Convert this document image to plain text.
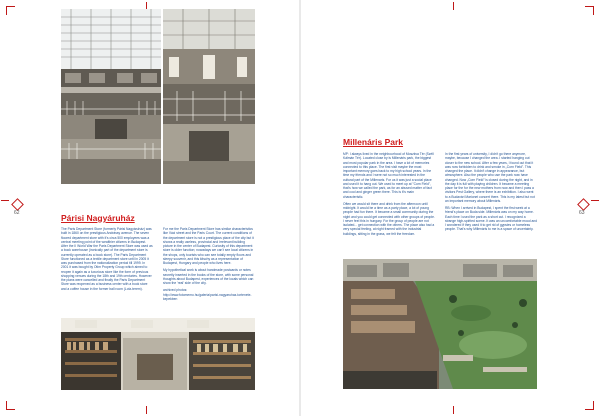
62	63
Párisi Nagyáruház

The Paris Department Store (formerly Párisi Nagyáruház) was built in 1860 on the prestigious Andrássy avenue. The seven floored department store with it's circa 500 employees was a central meeting point of the wealthier citizens in Budapest. After the II World War the Paris Department Store was used as a book warehouse (ironically part of the department store is currently operated as a book store). The Paris Department Store functioned as a textile department store until in 2005 it was purchased from the nationalization period till 1999. In 2001 it was bought by Otim Property Group which aimed to reopen it again as a luxurious store like the form of previous shopping venues during the 18th and 19th centuries. However the plans were cancelled and finally the Paris Department Store was reopened as a business center with a book store and a coffee house in the former ball room (Lotz-terem).

For me the Paris Department Store has similar characteristics like Váci street and the Paris Court. The current conditions of the department store is not a prestigious place of the city but it shows a really useless, provincial and irrelevant building picture in the center of Budapest. Curiosity of this department store is older function; nowadays we can't see local citizens in the shops, only tourists who can see totally empty floors and sleepy souvenir, and this kitschy as a representation of Budapest, Hungary and people who lives here.

My hypothetical work is about handmade postcards or notes secretly inserted in the books of the store, with some personal thoughts about Budapest, experiences of the locals which can show the 'real' side of the city.

archived photos:

http://www.fotomemo.hu/galeria/parisi-nagyaruhaz-tortenete-kepekben

Millenáris Park

MP: I always lived in the neighbourhood of Moszkva Tér (Széll Kálmán Tér). Located close by is Millenáris park, the biggest and most popular park in the area. I have a lot of memories connected to this place. The first visit maybe the most important memory goes back to my high school years. In the time my friends and I were not so much interested in the cultural part of the Millenaris. For us it was just a social place and used it to hang out. We used to meet up at "Corn Field", that's how we called the park, as for an abused matter of fact and cool and ginger green there. This is it's main characteristic.

Often we would sit there and drink from the afternoon until midnight. It would be a time as a party place, a lot of young people had fun there. It became a small community during the night and you could get connected with other groups of people. I never feel this in hungary. For the group of people are not isolated... get connection with the others. The place also had a very special feeling, at night framed with the industrial buildings, sitting in the grass, we felt the freedom.

In the first years of university, I didn't go there anymore, maybe, because I changed the area. I started hanging out closer to the new school. After a few years, I found out that it was now forbidden to drink and smoke in „Corn Field". This changed the place. It didn't change in appearance, but atmosphere. Also the people who use the park now have changed. Now „Corn Field" is closed during the night, and in the day it is full with playing children. It became a meeting place for the for the new mothers from now and then I pass a visitors Pest Gallery, where there is an exhibition. I also went to a Budavári Marionet concert there. This is my latest but not an important memory about Millenáris.

RB: When I arrived in Budapest, I spent the first week at a friend's place on Buda side. Millenáris was on my way home. Each time I used the park as a short cut. I recognized a strange high-spirited scene. It was an uncomfortable mood and I wondered if they used it to get rid of gypsies or homeless people. That's why Millenáris to me is a space of uncertainty.
